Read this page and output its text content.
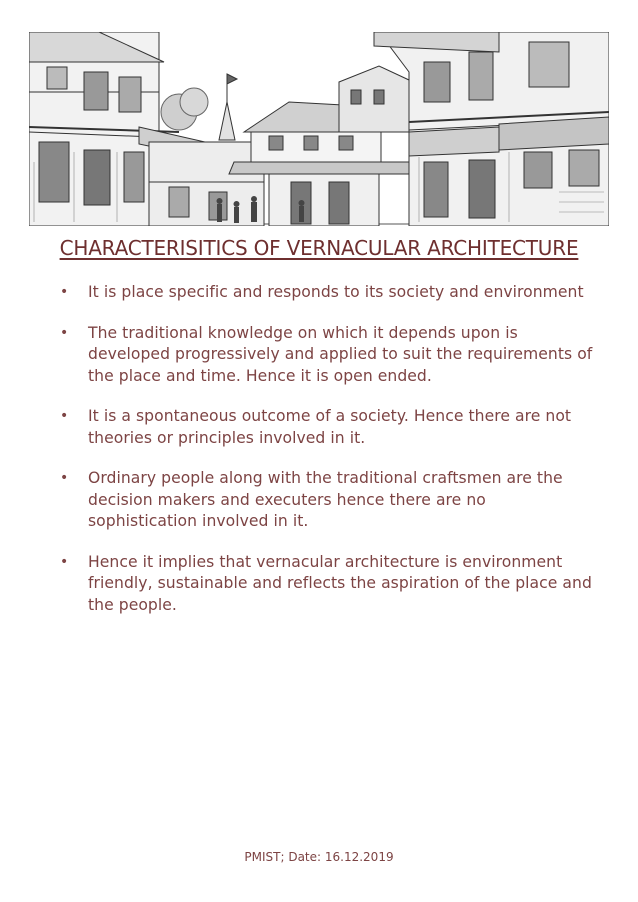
CHARACTERISITICS OF VERNACULAR ARCHITECTURE
• It is place specific and responds to its society and environment
• The traditional knowledge on which it depends upon is developed progressively and applied to suit the requirements of the place and time. Hence it is open ended.
• It is a spontaneous outcome of a society. Hence there are not theories or principles involved in it.
• Ordinary people along with the traditional craftsmen are the decision makers and executers hence there are no sophistication involved in it.
• Hence it implies that vernacular architecture is environment friendly, sustainable and reflects the aspiration of the place and the people.
PMIST; Date: 16.12.2019
